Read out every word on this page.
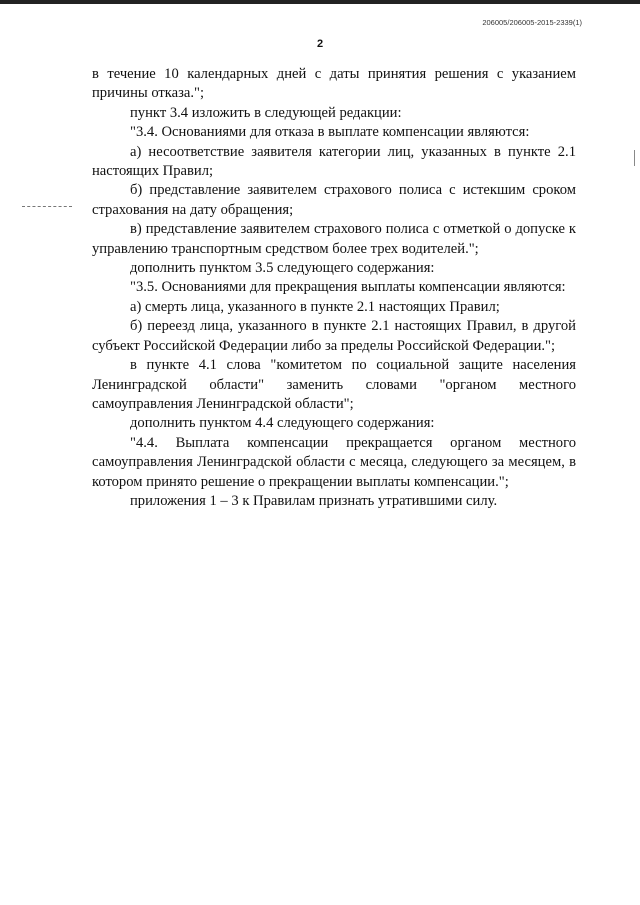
206005/206005-2015-2339(1)
2

в течение 10 календарных дней с даты принятия решения с указанием причины отказа.";

пункт 3.4 изложить в следующей редакции:

"3.4. Основаниями для отказа в выплате компенсации являются:

а) несоответствие заявителя категории лиц, указанных в пункте 2.1 настоящих Правил;

б) представление заявителем страхового полиса с истекшим сроком страхования на дату обращения;

в) представление заявителем страхового полиса с отметкой о допуске к управлению транспортным средством более трех водителей.";

дополнить пунктом 3.5 следующего содержания:

"3.5. Основаниями для прекращения выплаты компенсации являются:

а) смерть лица, указанного в пункте 2.1 настоящих Правил;

б) переезд лица, указанного в пункте 2.1 настоящих Правил, в другой субъект Российской Федерации либо за пределы Российской Федерации.";

в пункте 4.1 слова "комитетом по социальной защите населения Ленинградской области" заменить словами "органом местного самоуправления Ленинградской области";

дополнить пунктом 4.4 следующего содержания:

"4.4. Выплата компенсации прекращается органом местного самоуправления Ленинградской области с месяца, следующего за месяцем, в котором принято решение о прекращении выплаты компенсации.";

приложения 1 – 3 к Правилам признать утратившими силу.
